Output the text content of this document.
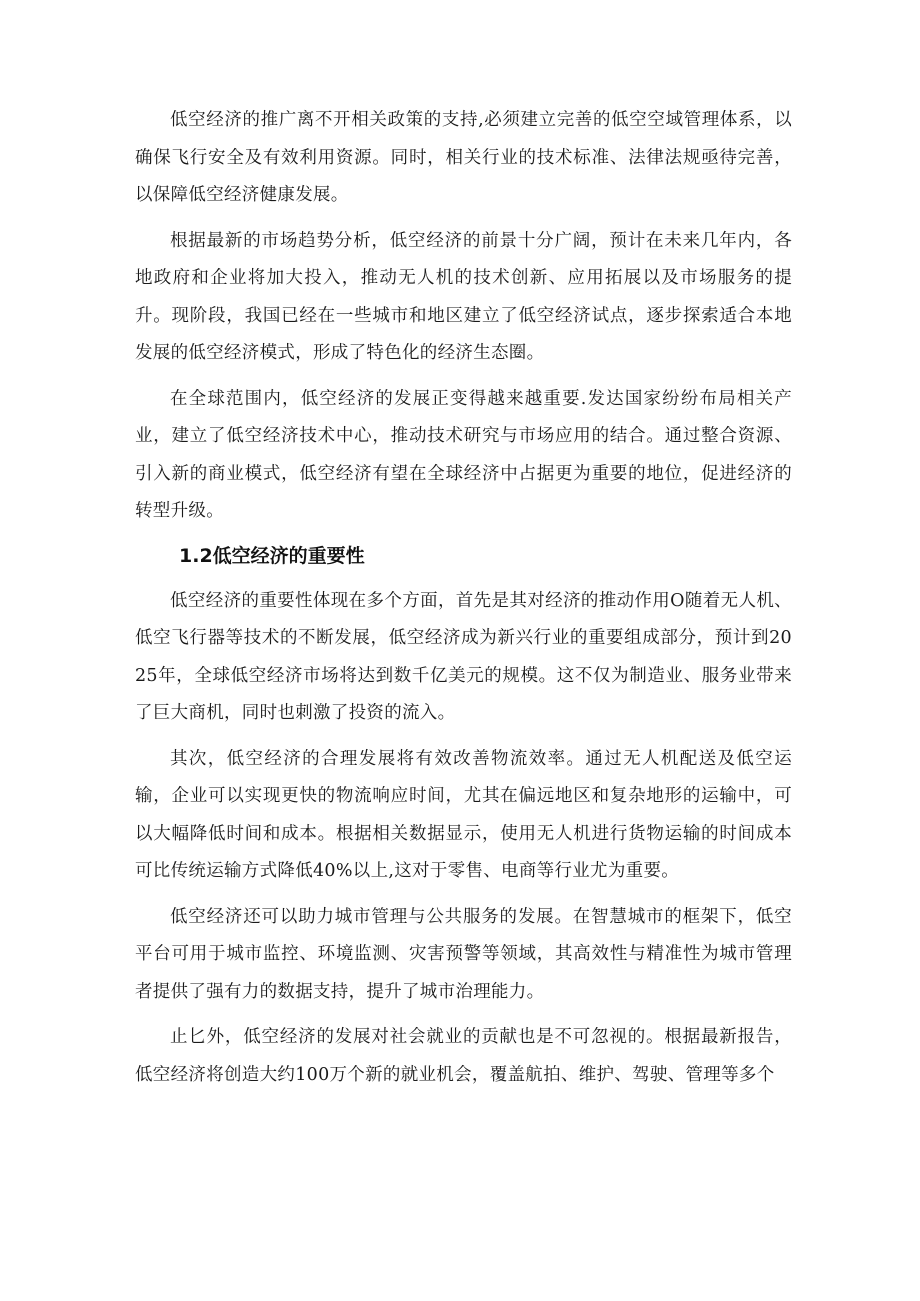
低空经济的推广离不开相关政策的支持,必须建立完善的低空空域管理体系，以确保飞行安全及有效利用资源。同时，相关行业的技术标准、法律法规亟待完善，以保障低空经济健康发展。

根据最新的市场趋势分析，低空经济的前景十分广阔，预计在未来几年内，各地政府和企业将加大投入，推动无人机的技术创新、应用拓展以及市场服务的提升。现阶段，我国已经在一些城市和地区建立了低空经济试点，逐步探索适合本地发展的低空经济模式，形成了特色化的经济生态圈。

在全球范围内，低空经济的发展正变得越来越重要.发达国家纷纷布局相关产业，建立了低空经济技术中心，推动技术研究与市场应用的结合。通过整合资源、引入新的商业模式，低空经济有望在全球经济中占据更为重要的地位，促进经济的转型升级。

1.2低空经济的重要性

低空经济的重要性体现在多个方面，首先是其对经济的推动作用O随着无人机、低空飞行器等技术的不断发展，低空经济成为新兴行业的重要组成部分，预计到2025年，全球低空经济市场将达到数千亿美元的规模。这不仅为制造业、服务业带来了巨大商机，同时也刺激了投资的流入。

其次，低空经济的合理发展将有效改善物流效率。通过无人机配送及低空运输，企业可以实现更快的物流响应时间，尤其在偏远地区和复杂地形的运输中，可以大幅降低时间和成本。根据相关数据显示，使用无人机进行货物运输的时间成本可比传统运输方式降低40%以上,这对于零售、电商等行业尤为重要。

低空经济还可以助力城市管理与公共服务的发展。在智慧城市的框架下，低空平台可用于城市监控、环境监测、灾害预警等领域，其高效性与精准性为城市管理者提供了强有力的数据支持，提升了城市治理能力。

止匕外，低空经济的发展对社会就业的贡献也是不可忽视的。根据最新报告，低空经济将创造大约100万个新的就业机会，覆盖航拍、维护、驾驶、管理等多个
